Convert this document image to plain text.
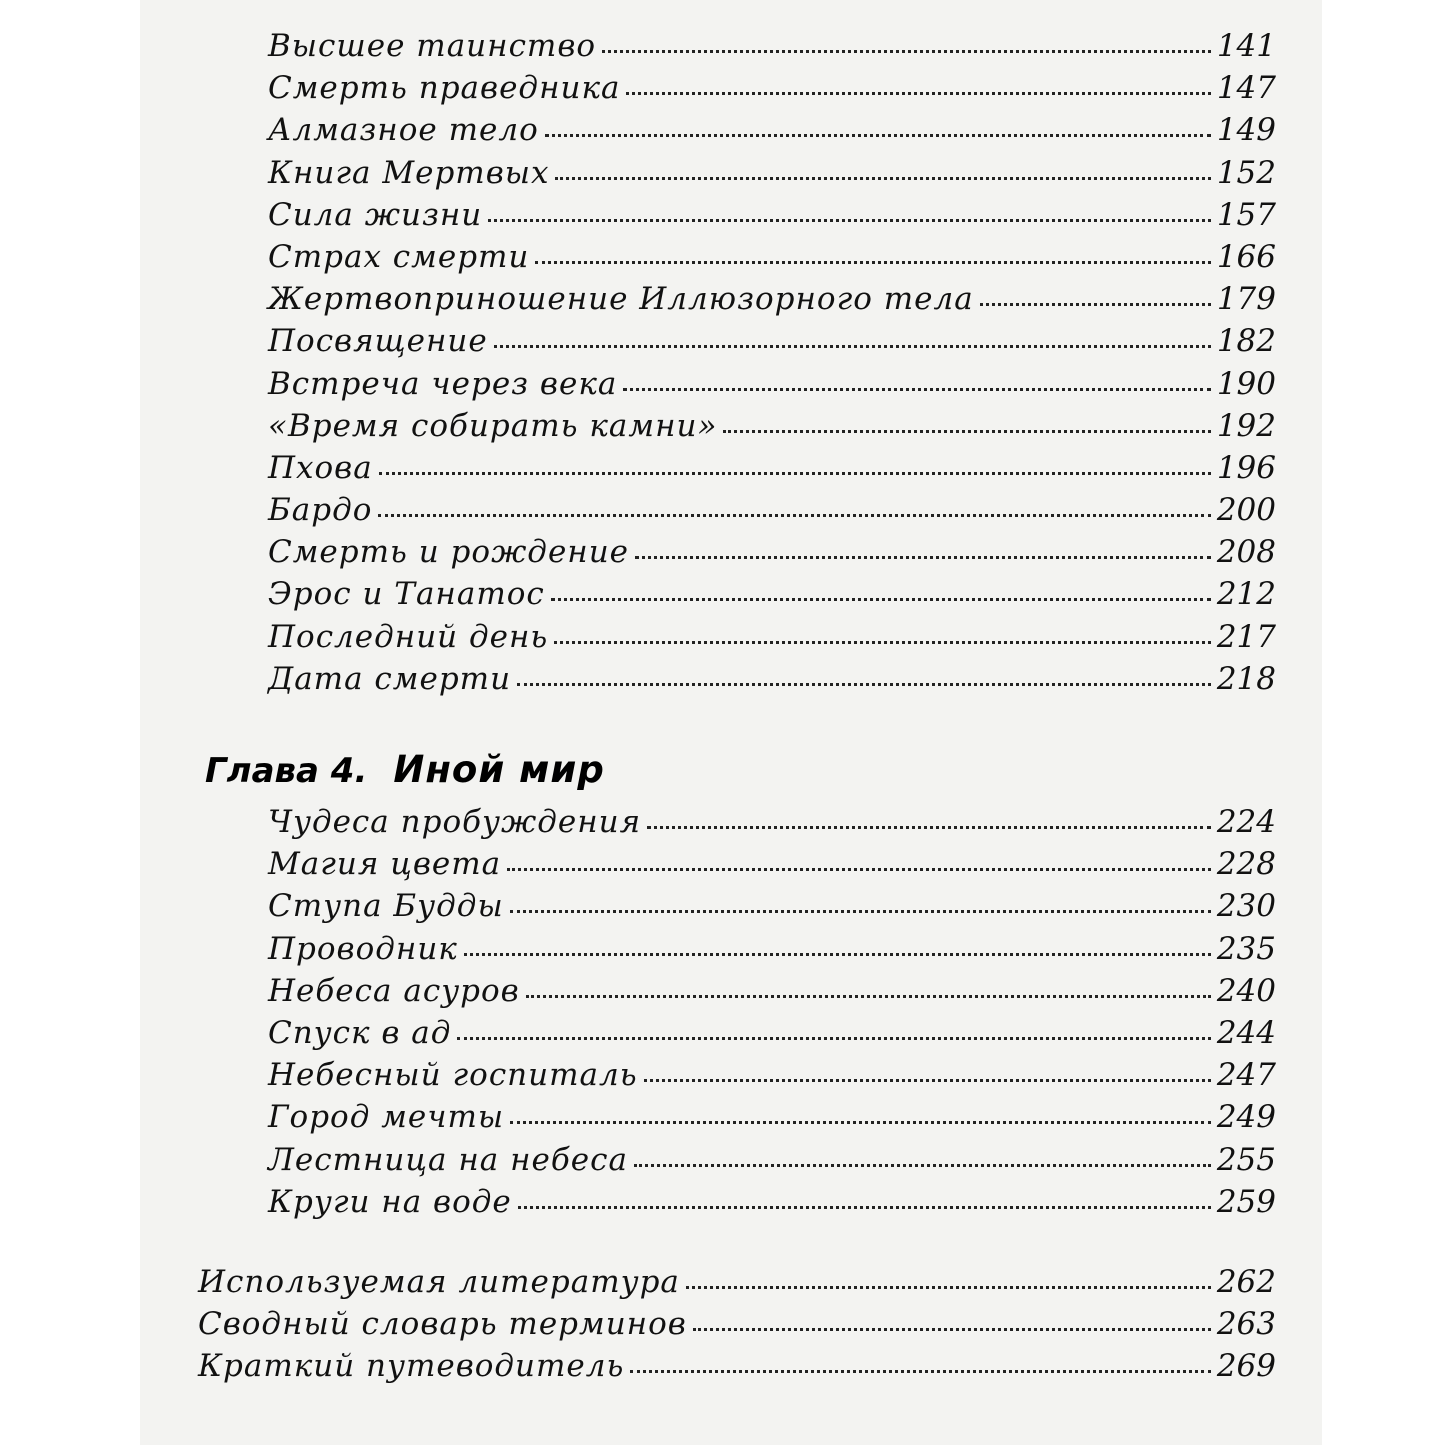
Высшее таинство	141
Смерть праведника	147
Алмазное тело	149
Книга Мертвых	152
Сила жизни	157
Страх смерти	166
Жертвоприношение Иллюзорного тела	179
Посвящение	182
Встреча через века	190
«Время собирать камни»	192
Пхова	196
Бардо	200
Смерть и рождение	208
Эрос и Танатос	212
Последний день	217
Дата смерти	218
Глава 4. Иной мир
Чудеса пробуждения	224
Магия цвета	228
Ступа Будды	230
Проводник	235
Небеса асуров	240
Спуск в ад	244
Небесный госпиталь	247
Город мечты	249
Лестница на небеса	255
Круги на воде	259
Используемая литература	262
Сводный словарь терминов	263
Краткий путеводитель	269
